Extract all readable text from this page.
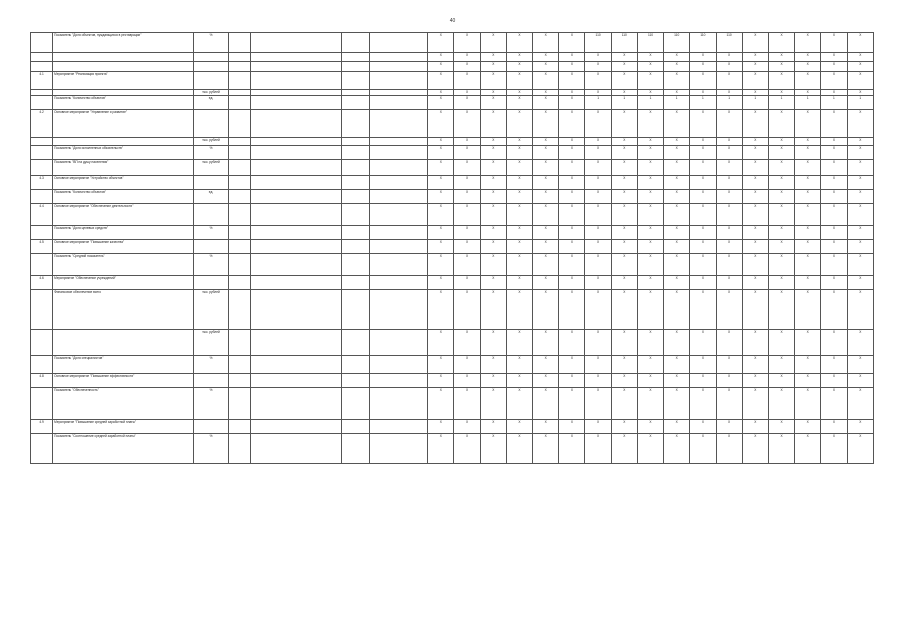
40
	Показатель "Доля объектов, нуждающихся в реставрации"	%					X	X	X	X	X	X	110	110	110	110	110	110	X	X	X	X	X
							X	X	X	X	X	X	X	X	X	X	X	X	X	X	X	X	X
							X	X	X	X	X	X	X	X	X	X	X	X	X	X	X	X	X
4.1	Мероприятие "Реализация проекта"						X	X	X	X	X	X	X	X	X	X	X	X	X	X	X	X	X
		тыс. рублей					X	X	X	X	X	X	X	X	X	X	X	X	X	X	X	X	X
	Показатель "Количество объектов"	ед.					X	X	X	X	X	X	1	1	1	1	1	1	1	1	1	1	1
4.2	Основное мероприятие "Управление и развитие"						X	X	X	X	X	X	X	X	X	X	X	X	X	X	X	X	X
		тыс. рублей					X	X	X	X	X	X	X	X	X	X	X	X	X	X	X	X	X
	Показатель "Доля исполненных обязательств"	%					X	X	X	X	X	X	X	X	X	X	X	X	X	X	X	X	X
	Показатель "ВП на душу населения"	тыс. рублей					X	X	X	X	X	X	X	X	X	X	X	X	X	X	X	X	X
4.3	Основное мероприятие "Устройство объектов"						X	X	X	X	X	X	X	X	X	X	X	X	X	X	X	X	X
	Показатель "Количество объектов"	ед.					X	X	X	X	X	X	X	X	X	X	X	X	X	X	X	X	X
4.4	Основное мероприятие "Обеспечение деятельности"						X	X	X	X	X	X	X	X	X	X	X	X	X	X	X	X	X
	Показатель "Доля целевых средств"	%					X	X	X	X	X	X	X	X	X	X	X	X	X	X	X	X	X
4.5	Основное мероприятие "Повышение качества"						X	X	X	X	X	X	X	X	X	X	X	X	X	X	X	X	X
	Показатель "Средний показатель"	%					X	X	X	X	X	X	X	X	X	X	X	X	X	X	X	X	X
4.6	Мероприятие "Обеспечение учреждений"						X	X	X	X	X	X	X	X	X	X	X	X	X	X	X	X	X
	Финансовое обеспечение всего	тыс. рублей					X	X	X	X	X	X	X	X	X	X	X	X	X	X	X	X	X
		тыс. рублей					X	X	X	X	X	X	X	X	X	X	X	X	X	X	X	X	X
	Показатель "Доля специалистов"	%					X	X	X	X	X	X	X	X	X	X	X	X	X	X	X	X	X
4.8	Основное мероприятие "Повышение эффективности"						X	X	X	X	X	X	X	X	X	X	X	X	X	X	X	X	X
	Показатель "Обеспеченность"	%					X	X	X	X	X	X	X	X	X	X	X	X	X	X	X	X	X
4.9	Мероприятие "Повышение средней заработной платы"						X	X	X	X	X	X	X	X	X	X	X	X	X	X	X	X	X
	Показатель "Соотношение средней заработной платы"	%					X	X	X	X	X	X	X	X	X	X	X	X	X	X	X	X	X
